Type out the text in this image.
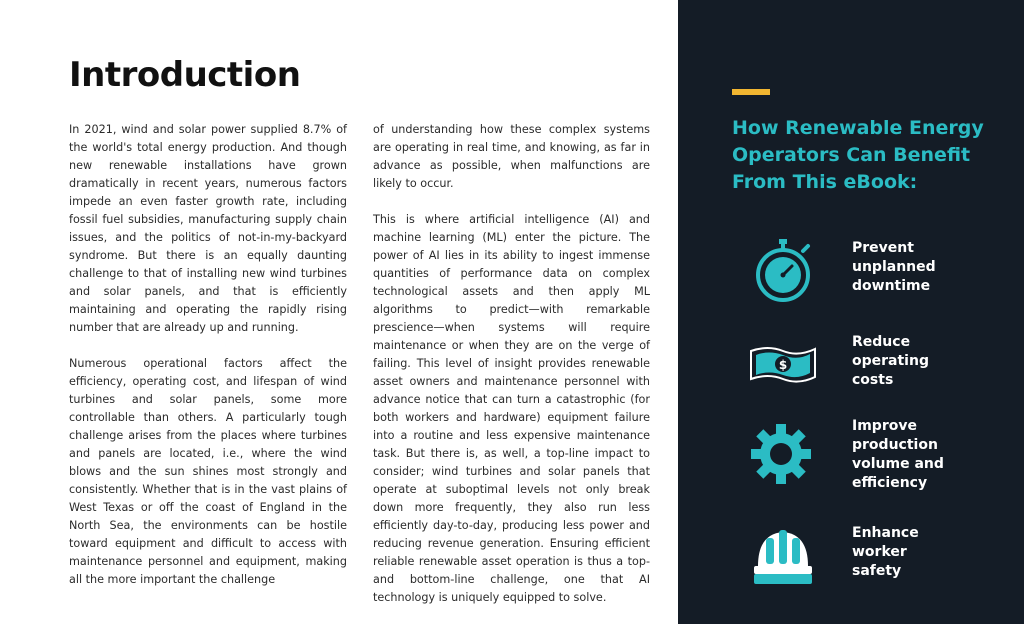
Introduction

In 2021, wind and solar power supplied 8.7% of the world's total energy production. And though new renewable installations have grown dramatically in recent years, numerous factors impede an even faster growth rate, including fossil fuel subsidies, manufacturing supply chain issues, and the politics of not-in-my-backyard syndrome. But there is an equally daunting challenge to that of installing new wind turbines and solar panels, and that is efficiently maintaining and operating the rapidly rising number that are already up and running.

Numerous operational factors affect the efficiency, operating cost, and lifespan of wind turbines and solar panels, some more controllable than others. A particularly tough challenge arises from the places where turbines and panels are located, i.e., where the wind blows and the sun shines most strongly and consistently. Whether that is in the vast plains of West Texas or off the coast of England in the North Sea, the environments can be hostile toward equipment and difficult to access with maintenance personnel and equipment, making all the more important the challenge

of understanding how these complex systems are operating in real time, and knowing, as far in advance as possible, when malfunctions are likely to occur.

This is where artificial intelligence (AI) and machine learning (ML) enter the picture. The power of AI lies in its ability to ingest immense quantities of performance data on complex technological assets and then apply ML algorithms to predict—with remarkable prescience—when systems will require maintenance or when they are on the verge of failing. This level of insight provides renewable asset owners and maintenance personnel with advance notice that can turn a catastrophic (for both workers and hardware) equipment failure into a routine and less expensive maintenance task. But there is, as well, a top-line impact to consider; wind turbines and solar panels that operate at suboptimal levels not only break down more frequently, they also run less efficiently day-to-day, producing less power and reducing revenue generation. Ensuring efficient reliable renewable asset operation is thus a top- and bottom-line challenge, one that AI technology is uniquely equipped to solve.

How Renewable Energy Operators Can Benefit From This eBook:
Prevent
unplanned
downtime
$
Reduce
operating
costs
Improve
production
volume and
efficiency
Enhance
worker
safety
